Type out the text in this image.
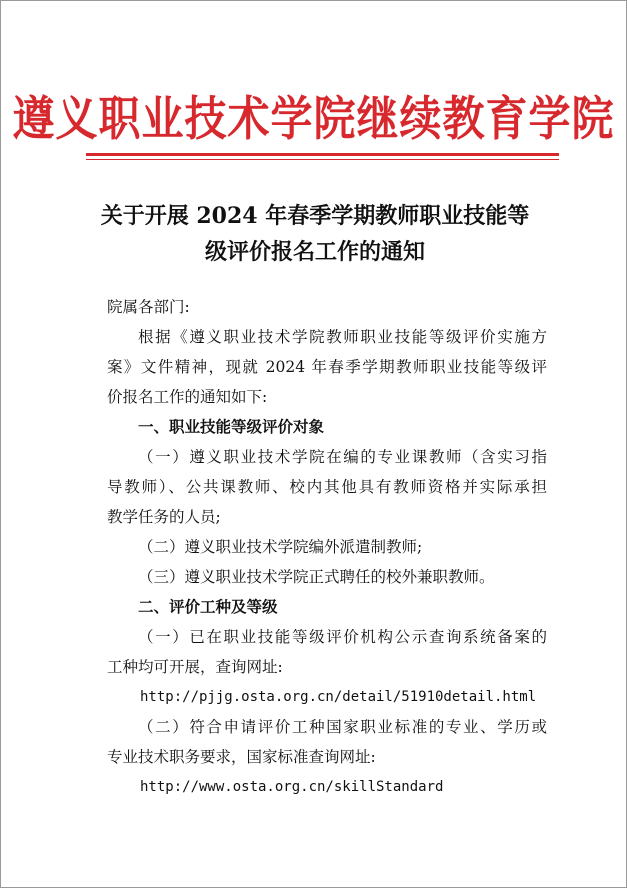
遵义职业技术学院继续教育学院
关于开展 2024 年春季学期教师职业技能等
级评价报名工作的通知
院属各部门:
根据《遵义职业技术学院教师职业技能等级评价实施方
案》文件精神，现就 2024 年春季学期教师职业技能等级评
价报名工作的通知如下:
一、职业技能等级评价对象
（一）遵义职业技术学院在编的专业课教师（含实习指
导教师）、公共课教师、校内其他具有教师资格并实际承担
教学任务的人员;
（二）遵义职业技术学院编外派遣制教师;
（三）遵义职业技术学院正式聘任的校外兼职教师。
二、评价工种及等级
（一）已在职业技能等级评价机构公示查询系统备案的
工种均可开展，查询网址:
http://pjjg.osta.org.cn/detail/51910detail.html
（二）符合申请评价工种国家职业标准的专业、学历或
专业技术职务要求，国家标准查询网址:
http://www.osta.org.cn/skillStandard
